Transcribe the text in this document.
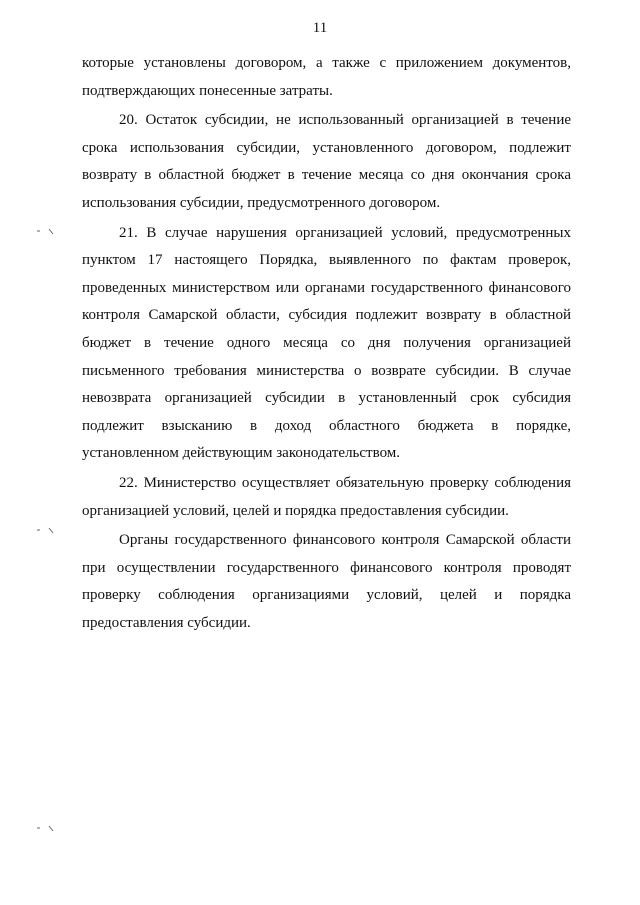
11

которые установлены договором, а также с приложением документов, подтверждающих понесенные затраты.

20. Остаток субсидии, не использованный организацией в течение срока использования субсидии, установленного договором, подлежит возврату в областной бюджет в течение месяца со дня окончания срока использования субсидии, предусмотренного договором.

21. В случае нарушения организацией условий, предусмотренных пунктом 17 настоящего Порядка, выявленного по фактам проверок, проведенных министерством или органами государственного финансового контроля Самарской области, субсидия подлежит возврату в областной бюджет в течение одного месяца со дня получения организацией письменного требования министерства о возврате субсидии. В случае невозврата организацией субсидии в установленный срок субсидия подлежит взысканию в доход областного бюджета в порядке, установленном действующим законодательством.

22. Министерство осуществляет обязательную проверку соблюдения организацией условий, целей и порядка предоставления субсидии.

Органы государственного финансового контроля Самарской области при осуществлении государственного финансового контроля проводят проверку соблюдения организациями условий, целей и порядка предоставления субсидии.
